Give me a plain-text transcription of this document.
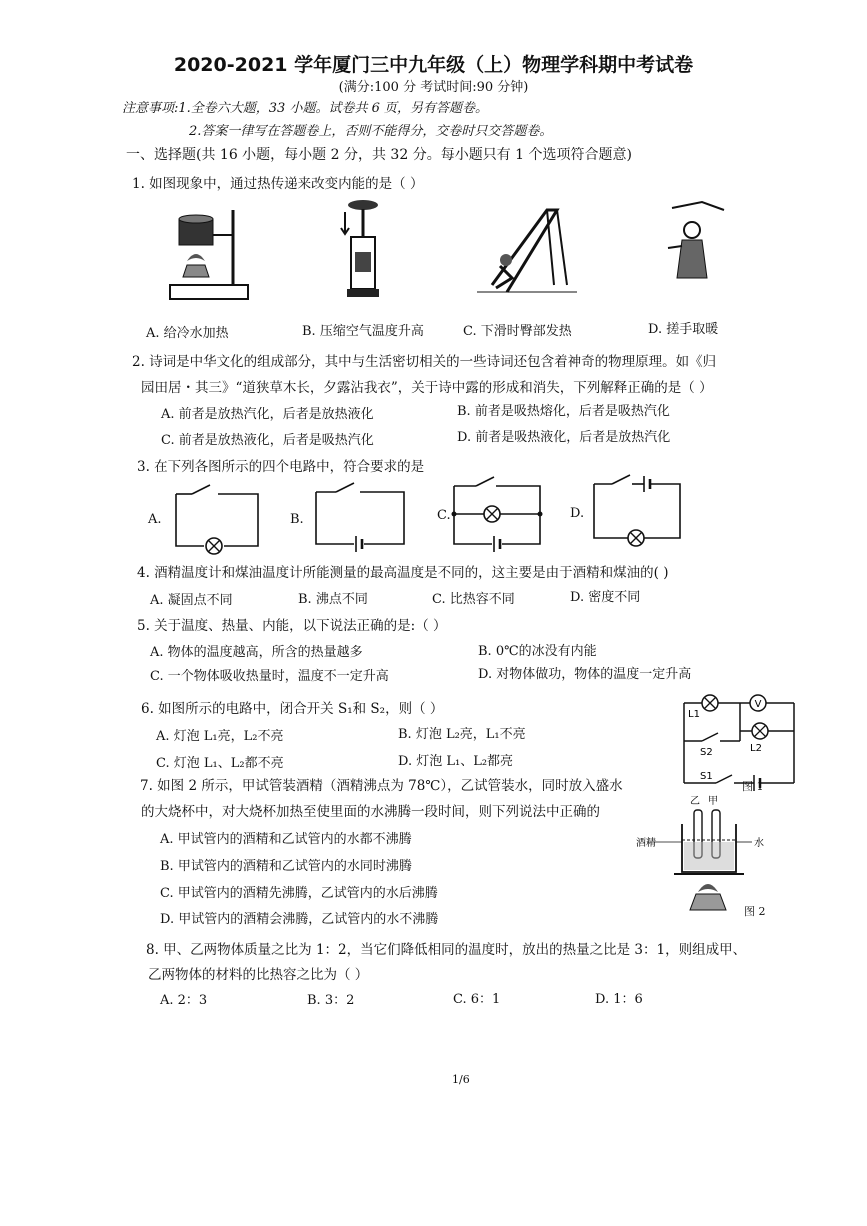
2020-2021 学年厦门三中九年级（上）物理学科期中考试卷
(满分:100 分 考试时间:90 分钟)
注意事项:1.全卷六大题，33 小题。试卷共 6 页，另有答题卷。
2.答案一律写在答题卷上，否则不能得分，交卷时只交答题卷。
一、选择题(共 16 小题，每小题 2 分，共 32 分。每小题只有 1 个选项符合题意)
1. 如图现象中，通过热传递来改变内能的是（ ）
A. 给冷水加热	B. 压缩空气温度升高	C. 下滑时臀部发热	D. 搓手取暖
2. 诗词是中华文化的组成部分，其中与生活密切相关的一些诗词还包含着神奇的物理原理。如《归
园田居・其三》“道狭草木长，夕露沾我衣”，关于诗中露的形成和消失，下列解释正确的是（ ）
A. 前者是放热汽化，后者是放热液化	B. 前者是吸热熔化，后者是吸热汽化
C. 前者是放热液化，后者是吸热汽化	D. 前者是吸热液化，后者是放热汽化
3. 在下列各图所示的四个电路中，符合要求的是
A.	B.	C.	D.
4. 酒精温度计和煤油温度计所能测量的最高温度是不同的，这主要是由于酒精和煤油的( )
A. 凝固点不同	B. 沸点不同	C. 比热容不同	D. 密度不同
5. 关于温度、热量、内能，以下说法正确的是:（ ）
A. 物体的温度越高，所含的热量越多	B. 0℃的冰没有内能
C. 一个物体吸收热量时，温度不一定升高	D. 对物体做功，物体的温度一定升高
6. 如图所示的电路中，闭合开关 S₁和 S₂，则（ ）
A. 灯泡 L₁亮，L₂不亮	B. 灯泡 L₂亮，L₁不亮
C. 灯泡 L₁、L₂都不亮	D. 灯泡 L₁、L₂都亮
V
L1
L2
S2
S1
图 1
7. 如图 2 所示，甲试管装酒精（酒精沸点为 78℃），乙试管装水，同时放入盛水
的大烧杯中，对大烧杯加热至使里面的水沸腾一段时间，则下列说法中正确的
A. 甲试管内的酒精和乙试管内的水都不沸腾
B. 甲试管内的酒精和乙试管内的水同时沸腾
C. 甲试管内的酒精先沸腾，乙试管内的水后沸腾
D. 甲试管内的酒精会沸腾，乙试管内的水不沸腾
乙 甲
酒精	水
图 2
8. 甲、乙两物体质量之比为 1：2，当它们降低相同的温度时，放出的热量之比是 3：1，则组成甲、
乙两物体的材料的比热容之比为（ ）
A. 2：3	B. 3：2	C. 6：1	D. 1：6
1/6
